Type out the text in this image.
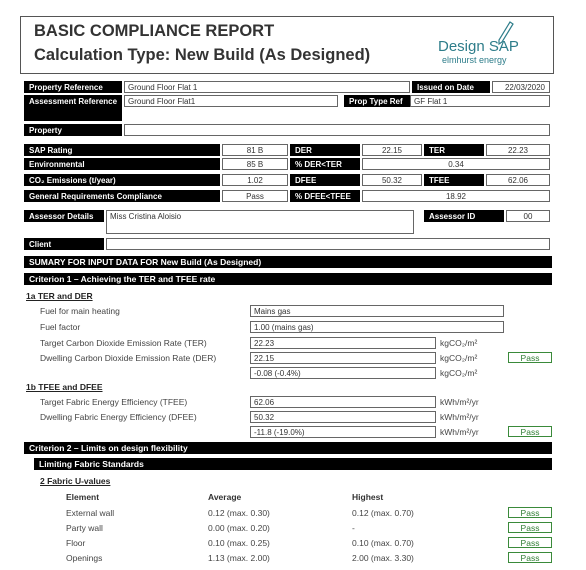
BASIC COMPLIANCE REPORT
Calculation Type: New Build (As Designed)	Design SAP
elmhurst energy
Property Reference	Ground Floor Flat 1	Issued on Date	22/03/2020
Assessment Reference	Ground Floor Flat1	Prop Type Ref	GF Flat 1
Property
SAP Rating	81 B	DER	22.15	TER	22.23
Environmental	85 B	% DER<TER	0.34
CO₂ Emissions (t/year)	1.02	DFEE	50.32	TFEE	62.06
General Requirements Compliance	Pass	% DFEE<TFEE	18.92
Assessor Details	Miss Cristina Aloisio	Assessor ID	00
Client
SUMARY FOR INPUT DATA FOR New Build (As Designed)
Criterion 1 – Achieving the TER and TFEE rate
1a TER and DER
Fuel for main heating	Mains gas
Fuel factor	1.00 (mains gas)
Target Carbon Dioxide Emission Rate (TER)	22.23	kgCO₂/m²
Dwelling Carbon Dioxide Emission Rate (DER)	22.15	kgCO₂/m²	Pass
-0.08 (-0.4%)	kgCO₂/m²
1b TFEE and DFEE
Target Fabric Energy Efficiency (TFEE)	62.06	kWh/m²/yr
Dwelling Fabric Energy Efficiency (DFEE)	50.32	kWh/m²/yr
-11.8 (-19.0%)	kWh/m²/yr	Pass
Criterion 2 – Limits on design flexibility
Limiting Fabric Standards
2 Fabric U-values
Element	Average	Highest
External wall	0.12 (max. 0.30)	0.12 (max. 0.70)	Pass
Party wall	0.00 (max. 0.20)	-	Pass
Floor	0.10 (max. 0.25)	0.10 (max. 0.70)	Pass
Openings	1.13 (max. 2.00)	2.00 (max. 3.30)	Pass
